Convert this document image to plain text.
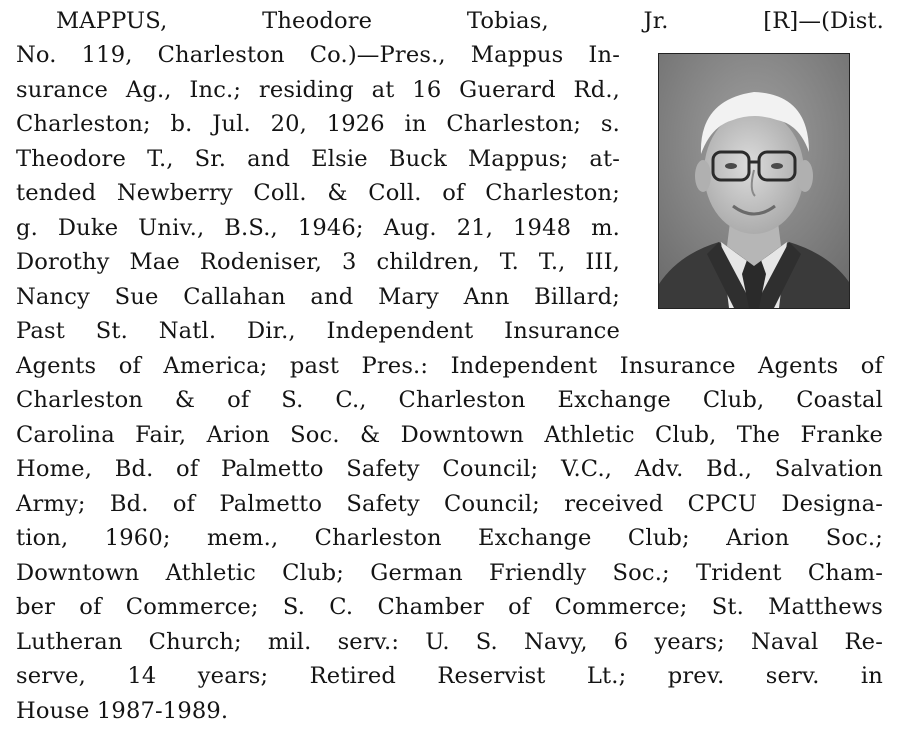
MAPPUS, Theodore Tobias, Jr. [R]—(Dist.
No. 119, Charleston Co.)—Pres., Mappus In-
surance Ag., Inc.; residing at 16 Guerard Rd.,
Charleston; b. Jul. 20, 1926 in Charleston; s.
Theodore T., Sr. and Elsie Buck Mappus; at-
tended Newberry Coll. & Coll. of Charleston;
g. Duke Univ., B.S., 1946; Aug. 21, 1948 m.
Dorothy Mae Rodeniser, 3 children, T. T., III,
Nancy Sue Callahan and Mary Ann Billard;
Past St. Natl. Dir., Independent Insurance
Agents of America; past Pres.: Independent Insurance Agents of
Charleston & of S. C., Charleston Exchange Club, Coastal
Carolina Fair, Arion Soc. & Downtown Athletic Club, The Franke
Home, Bd. of Palmetto Safety Council; V.C., Adv. Bd., Salvation
Army; Bd. of Palmetto Safety Council; received CPCU Designa-
tion, 1960; mem., Charleston Exchange Club; Arion Soc.;
Downtown Athletic Club; German Friendly Soc.; Trident Cham-
ber of Commerce; S. C. Chamber of Commerce; St. Matthews
Lutheran Church; mil. serv.: U. S. Navy, 6 years; Naval Re-
serve, 14 years; Retired Reservist Lt.; prev. serv. in
House 1987-1989.
